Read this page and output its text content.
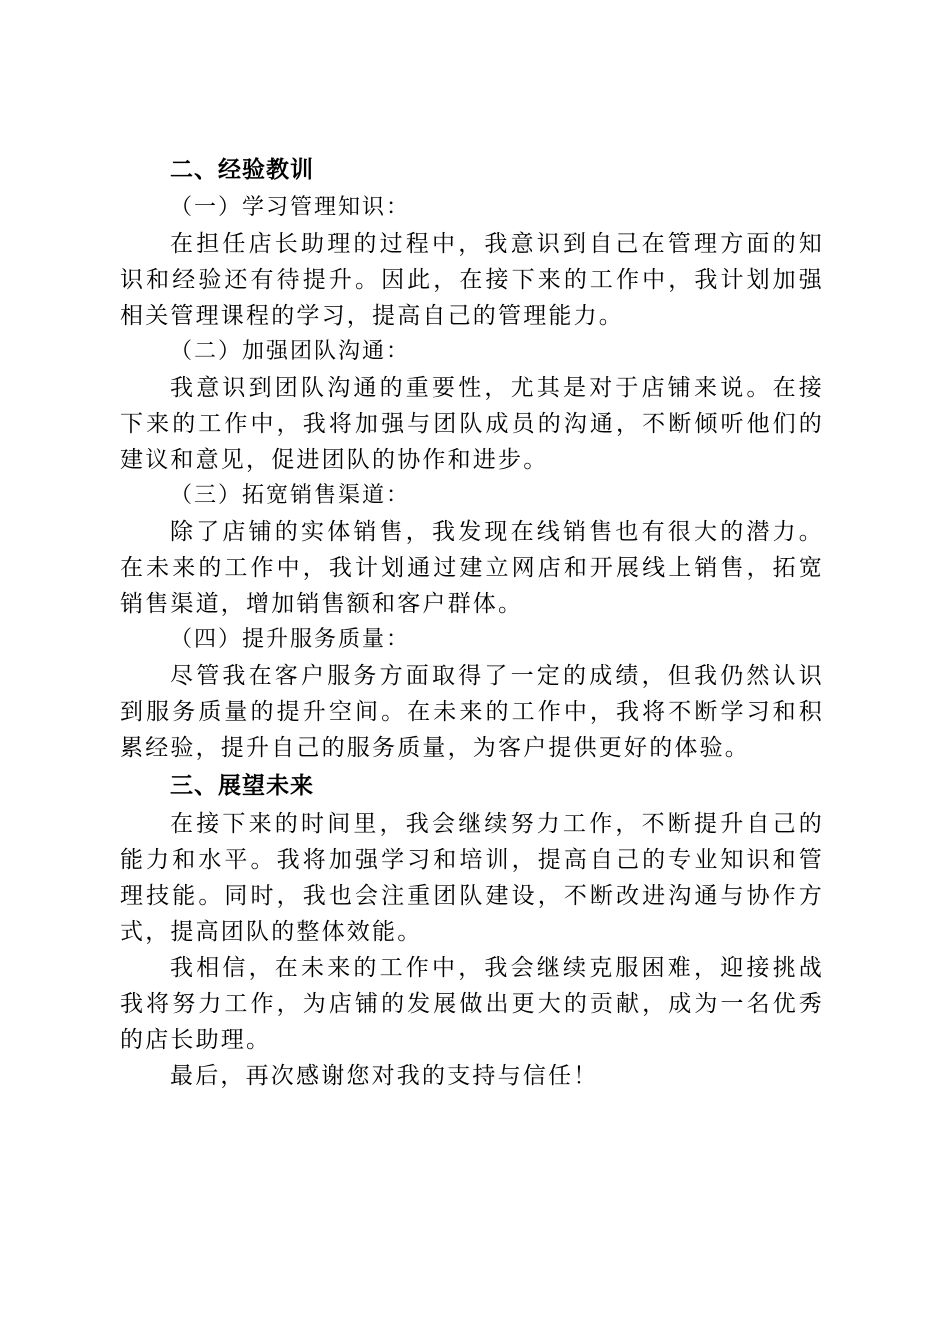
二、经验教训

（一）学习管理知识：

在担任店长助理的过程中，我意识到自己在管理方面的知识和经验还有待提升。因此，在接下来的工作中，我计划加强相关管理课程的学习，提高自己的管理能力。

（二）加强团队沟通：

我意识到团队沟通的重要性，尤其是对于店铺来说。在接下来的工作中，我将加强与团队成员的沟通，不断倾听他们的建议和意见，促进团队的协作和进步。

（三）拓宽销售渠道：

除了店铺的实体销售，我发现在线销售也有很大的潜力。在未来的工作中，我计划通过建立网店和开展线上销售，拓宽销售渠道，增加销售额和客户群体。

（四）提升服务质量：

尽管我在客户服务方面取得了一定的成绩，但我仍然认识到服务质量的提升空间。在未来的工作中，我将不断学习和积累经验，提升自己的服务质量，为客户提供更好的体验。

三、展望未来

在接下来的时间里，我会继续努力工作，不断提升自己的能力和水平。我将加强学习和培训，提高自己的专业知识和管理技能。同时，我也会注重团队建设，不断改进沟通与协作方式，提高团队的整体效能。

我相信，在未来的工作中，我会继续克服困难，迎接挑战我将努力工作，为店铺的发展做出更大的贡献，成为一名优秀的店长助理。

最后，再次感谢您对我的支持与信任！
